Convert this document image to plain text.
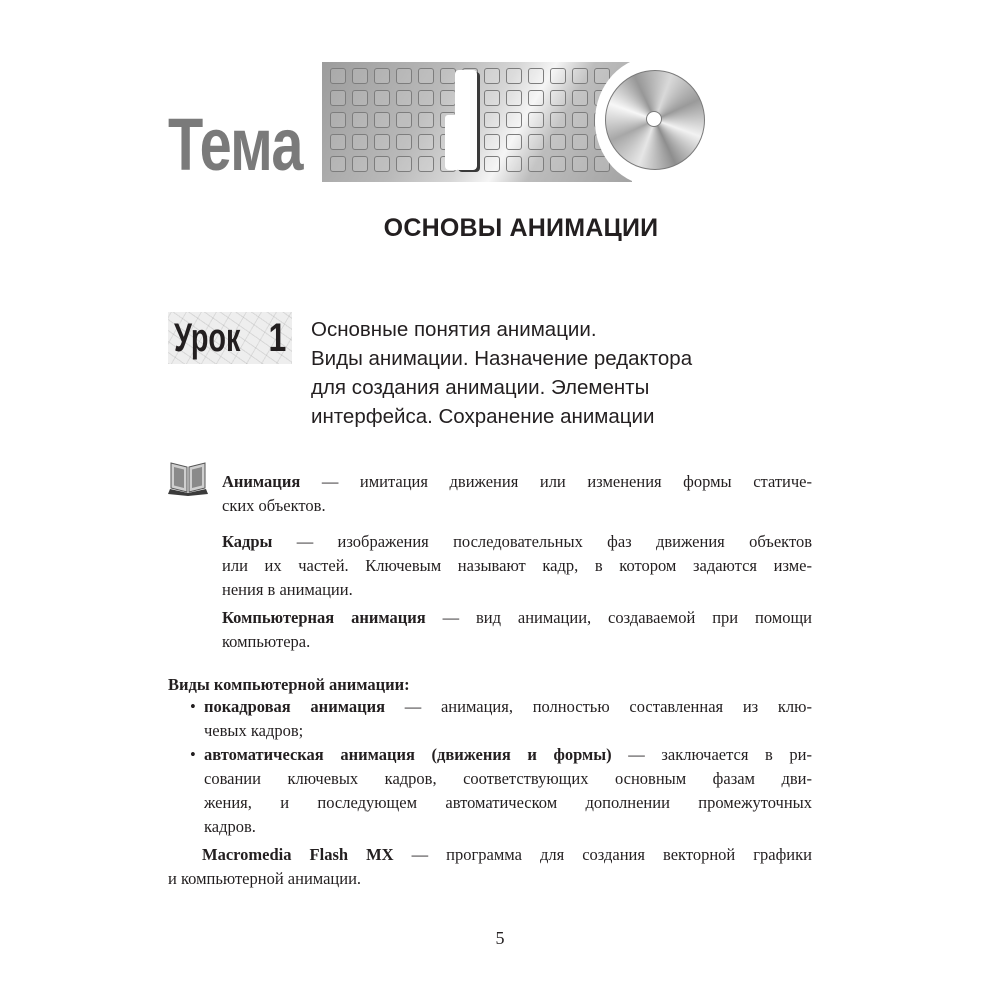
Тема
ОСНОВЫ АНИМАЦИИ
Урок 1 Основные понятия анимации.
Виды анимации. Назначение редактора
для создания анимации. Элементы
интерфейса. Сохранение анимации
Анимация — имитация движения или изменения формы статиче-
ских объектов.
Кадры — изображения последовательных фаз движения объектов
или их частей. Ключевым называют кадр, в котором задаются изме-
нения в анимации.
Компьютерная анимация — вид анимации, создаваемой при помощи
компьютера.
Виды компьютерной анимации:
• покадровая анимация — анимация, полностью составленная из клю-
чевых кадров;
• автоматическая анимация (движения и формы) — заключается в ри-
совании ключевых кадров, соответствующих основным фазам дви-
жения, и последующем автоматическом дополнении промежуточных
кадров.
Macromedia Flash MX — программа для создания векторной графики
и компьютерной анимации.
5
